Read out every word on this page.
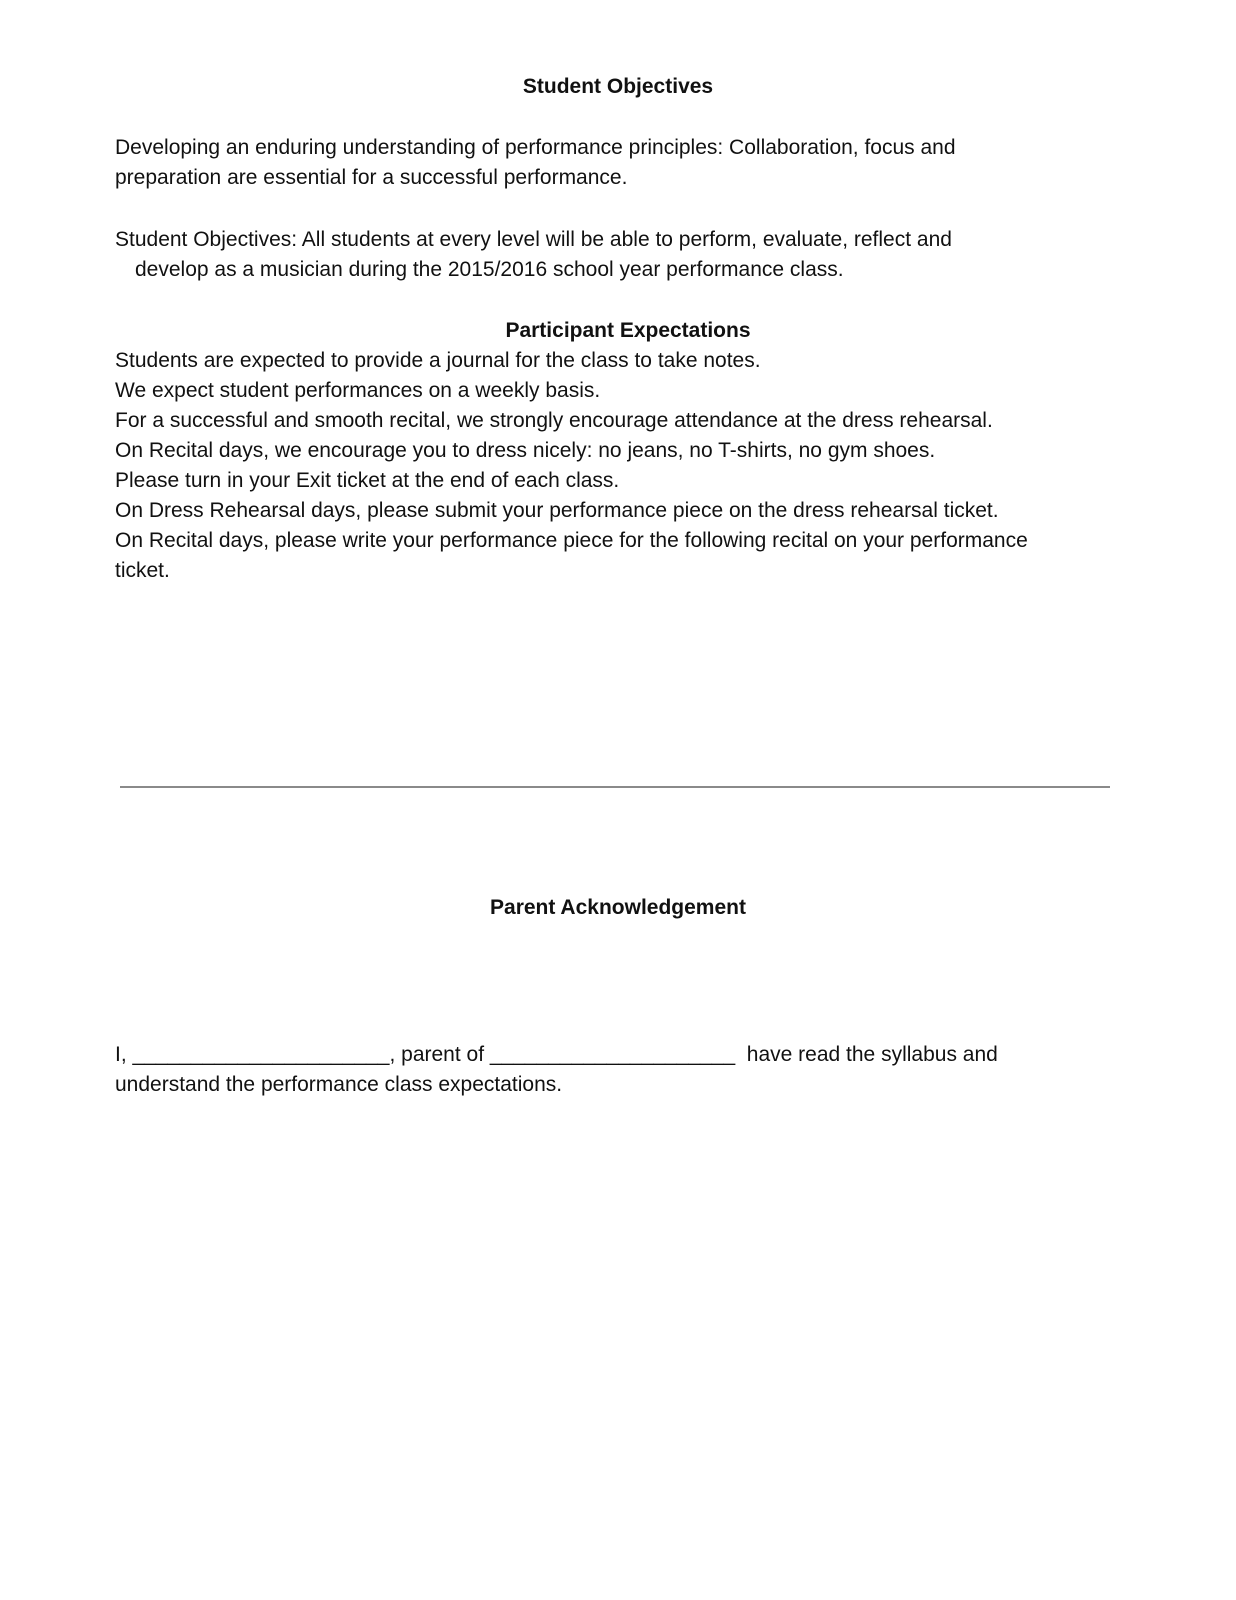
Student Objectives

Developing an enduring understanding of performance principles: Collaboration, focus and

preparation are essential for a successful performance.

Student Objectives: All students at every level will be able to perform, evaluate, reflect and

develop as a musician during the 2015/2016 school year performance class.

Participant Expectations

Students are expected to provide a journal for the class to take notes.

We expect student performances on a weekly basis.

For a successful and smooth recital, we strongly encourage attendance at the dress rehearsal.

On Recital days, we encourage you to dress nicely: no jeans, no T-shirts, no gym shoes.

Please turn in your Exit ticket at the end of each class.

On Dress Rehearsal days, please submit your performance piece on the dress rehearsal ticket.

On Recital days, please write your performance piece for the following recital on your performance

ticket.

Parent Acknowledgement

I, ______________________, parent of _____________________  have read the syllabus and

understand the performance class expectations.
